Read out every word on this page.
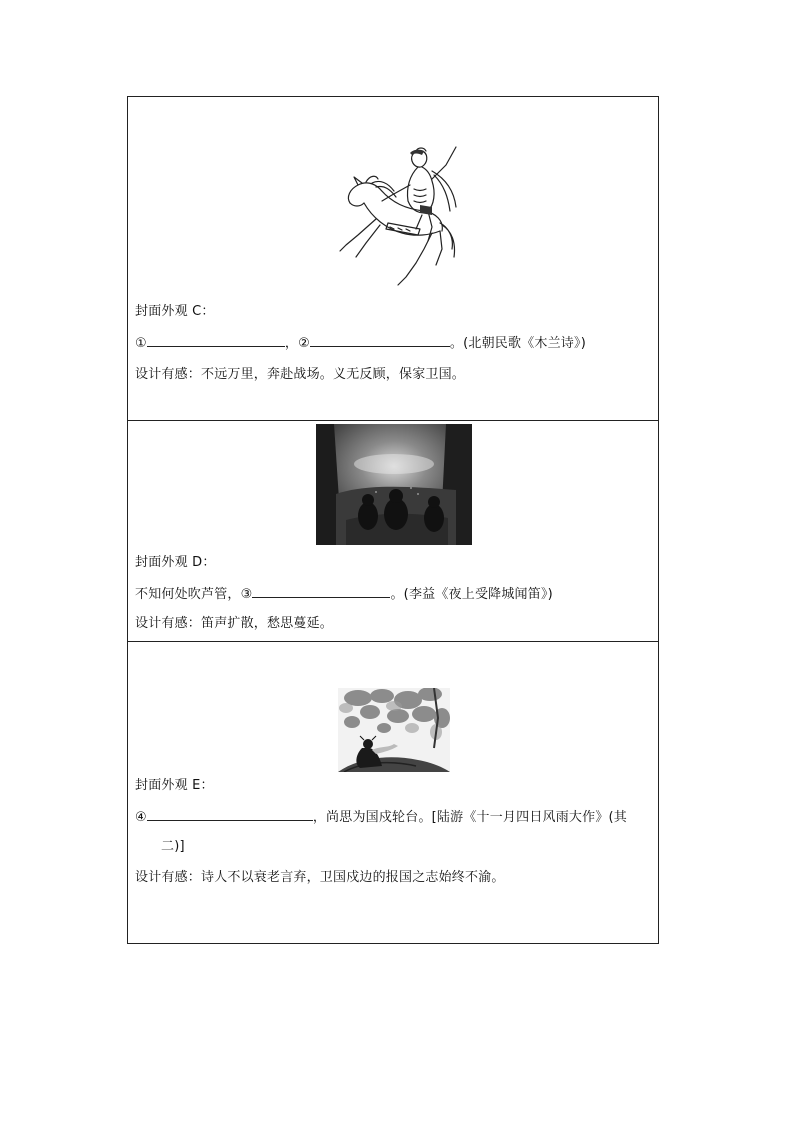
封面外观 C：
①	，②	。(北朝民歌《木兰诗》)
设计有感：不远万里，奔赴战场。义无反顾，保家卫国。
封面外观 D：
不知何处吹芦管，③	。(李益《夜上受降城闻笛》)
设计有感：笛声扩散，愁思蔓延。
封面外观 E：
④	，尚思为国戍轮台。[陆游《十一月四日风雨大作》(其
二)]
设计有感：诗人不以衰老言弃，卫国戍边的报国之志始终不渝。
